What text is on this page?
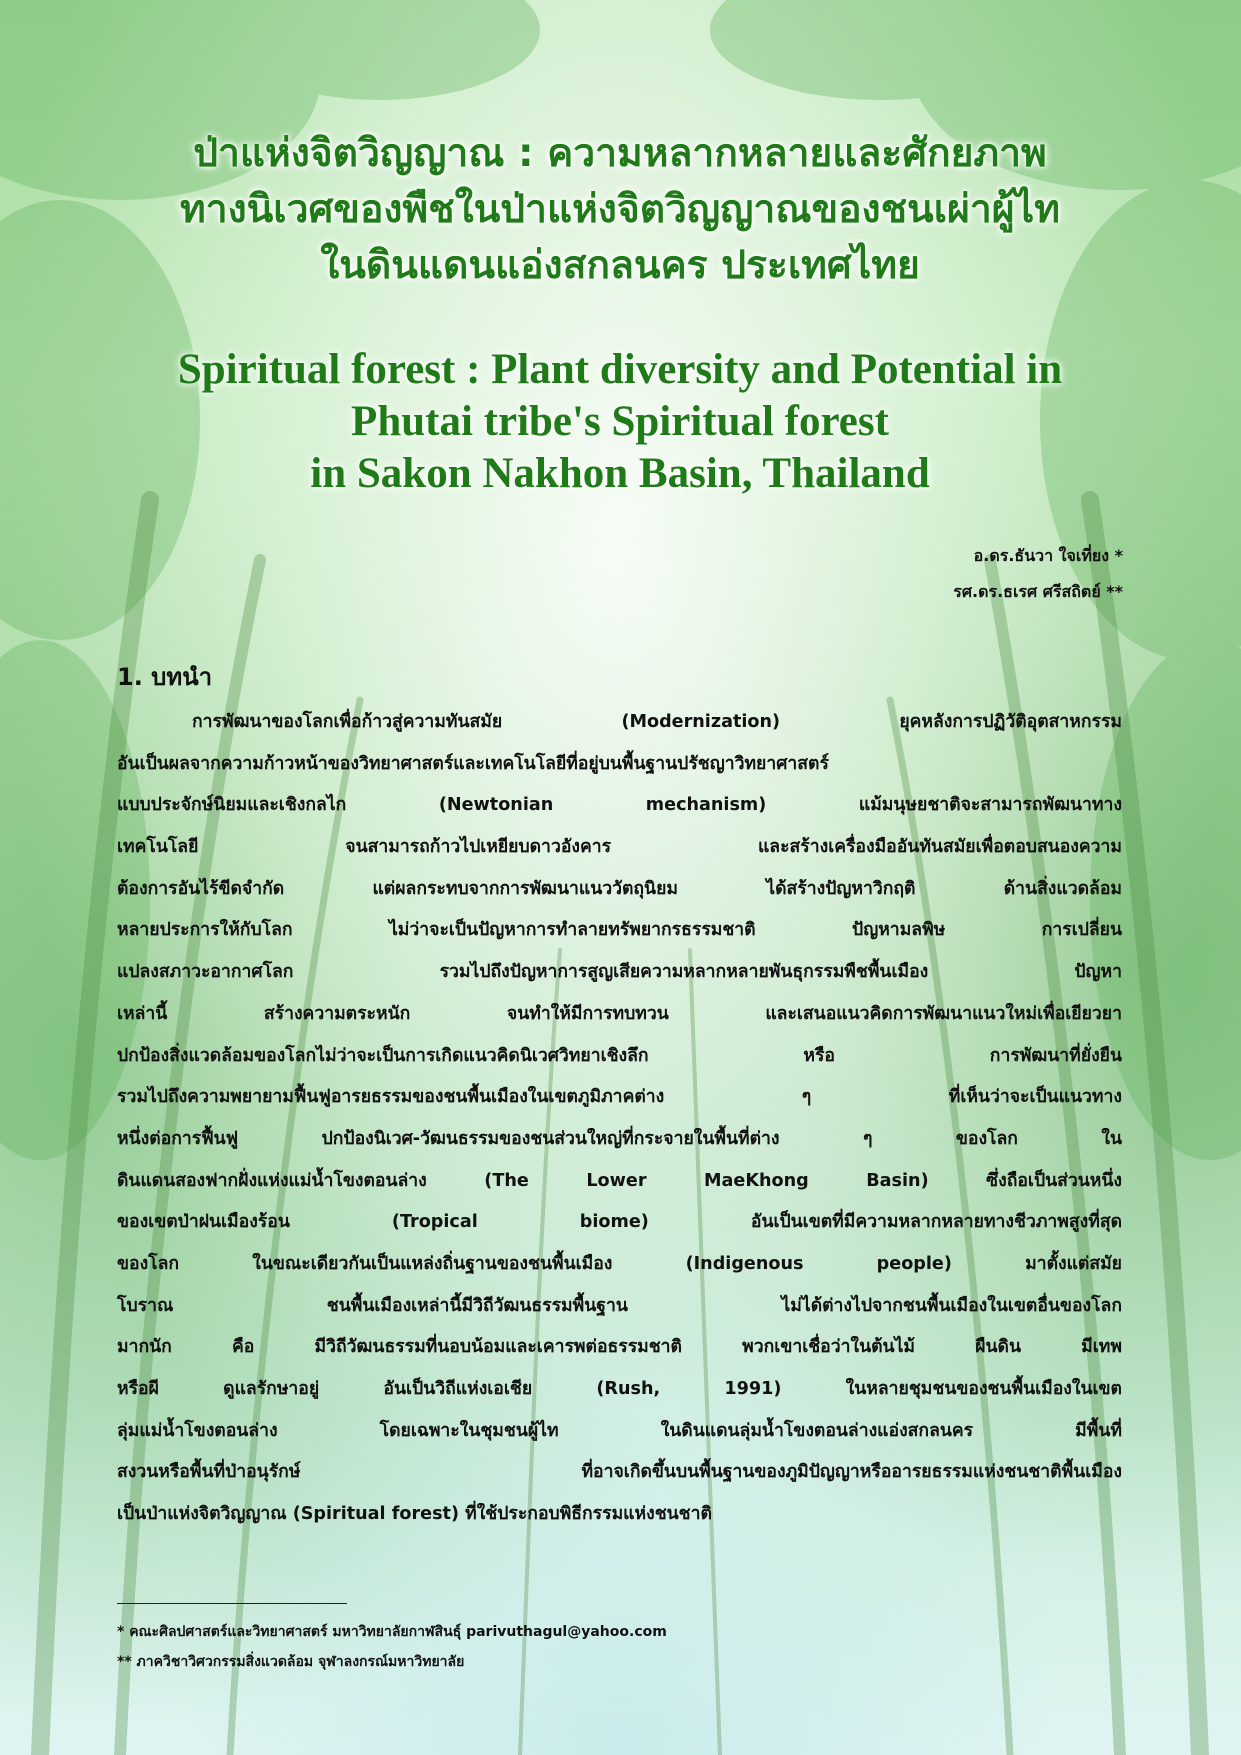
ป่าแห่งจิตวิญญาณ : ความหลากหลายและศักยภาพ
ทางนิเวศของพืชในป่าแห่งจิตวิญญาณของชนเผ่าผู้ไท
ในดินแดนแอ่งสกลนคร ประเทศไทย
Spiritual forest : Plant diversity and Potential in
Phutai tribe's Spiritual forest
in Sakon Nakhon Basin, Thailand
อ.ดร.ธันวา ใจเที่ยง *
รศ.ดร.ธเรศ ศรีสถิตย์ **
1. บทนำ
การพัฒนาของโลกเพื่อก้าวสู่ความทันสมัย (Modernization) ยุคหลังการปฏิวัติอุตสาหกรรม
อันเป็นผลจากความก้าวหน้าของวิทยาศาสตร์และเทคโนโลยีที่อยู่บนพื้นฐานปรัชญาวิทยาศาสตร์
แบบประจักษ์นิยมและเชิงกลไก (Newtonian mechanism) แม้มนุษยชาติจะสามารถพัฒนาทาง
เทคโนโลยี จนสามารถก้าวไปเหยียบดาวอังคาร และสร้างเครื่องมืออันทันสมัยเพื่อตอบสนองความ
ต้องการอันไร้ขีดจำกัด แต่ผลกระทบจากการพัฒนาแนววัตถุนิยม ได้สร้างปัญหาวิกฤติ ด้านสิ่งแวดล้อม
หลายประการให้กับโลก ไม่ว่าจะเป็นปัญหาการทำลายทรัพยากรธรรมชาติ ปัญหามลพิษ การเปลี่ยน
แปลงสภาวะอากาศโลก รวมไปถึงปัญหาการสูญเสียความหลากหลายพันธุกรรมพืชพื้นเมือง ปัญหา
เหล่านี้ สร้างความตระหนัก จนทำให้มีการทบทวน และเสนอแนวคิดการพัฒนาแนวใหม่เพื่อเยียวยา
ปกป้องสิ่งแวดล้อมของโลกไม่ว่าจะเป็นการเกิดแนวคิดนิเวศวิทยาเชิงลึก หรือ การพัฒนาที่ยั่งยืน
รวมไปถึงความพยายามฟื้นฟูอารยธรรมของชนพื้นเมืองในเขตภูมิภาคต่าง ๆ ที่เห็นว่าจะเป็นแนวทาง
หนึ่งต่อการฟื้นฟู ปกป้องนิเวศ-วัฒนธรรมของชนส่วนใหญ่ที่กระจายในพื้นที่ต่าง ๆ ของโลก ใน
ดินแดนสองฟากฝั่งแห่งแม่น้ำโขงตอนล่าง (The Lower MaeKhong Basin) ซึ่งถือเป็นส่วนหนึ่ง
ของเขตป่าฝนเมืองร้อน (Tropical biome) อันเป็นเขตที่มีความหลากหลายทางชีวภาพสูงที่สุด
ของโลก ในขณะเดียวกันเป็นแหล่งถิ่นฐานของชนพื้นเมือง (Indigenous people) มาตั้งแต่สมัย
โบราณ ชนพื้นเมืองเหล่านี้มีวิถีวัฒนธรรมพื้นฐาน ไม่ได้ต่างไปจากชนพื้นเมืองในเขตอื่นของโลก
มากนัก คือ มีวิถีวัฒนธรรมที่นอบน้อมและเคารพต่อธรรมชาติ พวกเขาเชื่อว่าในต้นไม้ ผืนดิน มีเทพ
หรือผี ดูแลรักษาอยู่ อันเป็นวิถีแห่งเอเชีย (Rush, 1991) ในหลายชุมชนของชนพื้นเมืองในเขต
ลุ่มแม่น้ำโขงตอนล่าง โดยเฉพาะในชุมชนผู้ไท ในดินแดนลุ่มน้ำโขงตอนล่างแอ่งสกลนคร มีพื้นที่
สงวนหรือพื้นที่ป่าอนุรักษ์ ที่อาจเกิดขึ้นบนพื้นฐานของภูมิปัญญาหรืออารยธรรมแห่งชนชาติพื้นเมือง
เป็นป่าแห่งจิตวิญญาณ (Spiritual forest) ที่ใช้ประกอบพิธีกรรมแห่งชนชาติ
* คณะศิลปศาสตร์และวิทยาศาสตร์ มหาวิทยาลัยกาฬสินธุ์ parivuthagul@yahoo.com
** ภาควิชาวิศวกรรมสิ่งแวดล้อม จุฬาลงกรณ์มหาวิทยาลัย
